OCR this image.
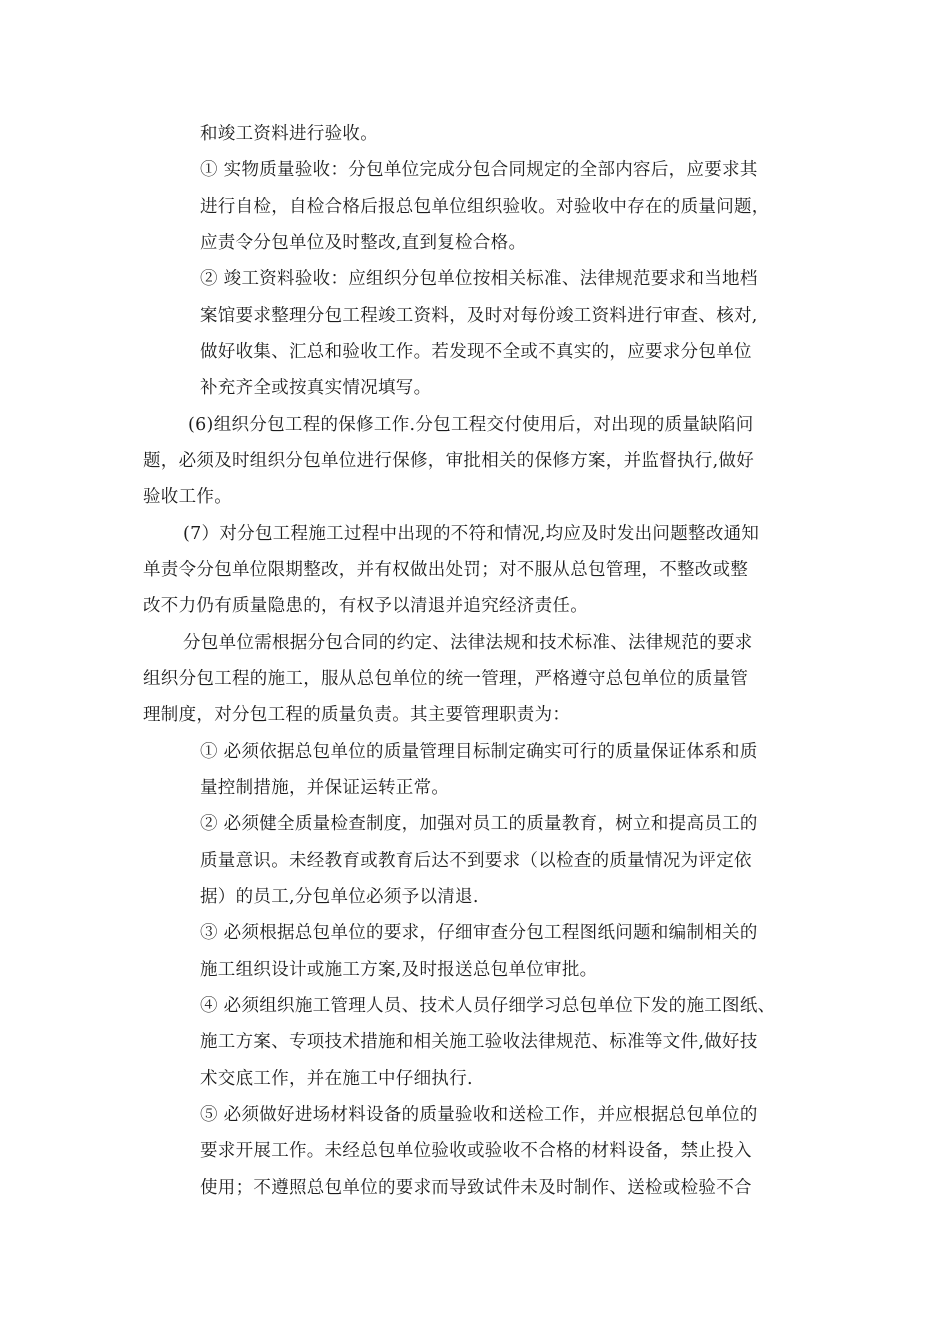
和竣工资料进行验收。
① 实物质量验收：分包单位完成分包合同规定的全部内容后，应要求其
进行自检，自检合格后报总包单位组织验收。对验收中存在的质量问题，
应责令分包单位及时整改,直到复检合格。
② 竣工资料验收：应组织分包单位按相关标准、法律规范要求和当地档
案馆要求整理分包工程竣工资料，及时对每份竣工资料进行审查、核对,
做好收集、汇总和验收工作。若发现不全或不真实的，应要求分包单位
补充齐全或按真实情况填写。
(6)组织分包工程的保修工作.分包工程交付使用后，对出现的质量缺陷问
题，必须及时组织分包单位进行保修，审批相关的保修方案，并监督执行,做好
验收工作。
(7）对分包工程施工过程中出现的不符和情况,均应及时发出问题整改通知
单责令分包单位限期整改，并有权做出处罚；对不服从总包管理，不整改或整
改不力仍有质量隐患的，有权予以清退并追究经济责任。
分包单位需根据分包合同的约定、法律法规和技术标准、法律规范的要求
组织分包工程的施工，服从总包单位的统一管理，严格遵守总包单位的质量管
理制度，对分包工程的质量负责。其主要管理职责为：
① 必须依据总包单位的质量管理目标制定确实可行的质量保证体系和质
量控制措施，并保证运转正常。
② 必须健全质量检查制度，加强对员工的质量教育，树立和提高员工的
质量意识。未经教育或教育后达不到要求（以检查的质量情况为评定依
据）的员工,分包单位必须予以清退.
③ 必须根据总包单位的要求，仔细审查分包工程图纸问题和编制相关的
施工组织设计或施工方案,及时报送总包单位审批。
④ 必须组织施工管理人员、技术人员仔细学习总包单位下发的施工图纸、
施工方案、专项技术措施和相关施工验收法律规范、标准等文件,做好技
术交底工作，并在施工中仔细执行.
⑤ 必须做好进场材料设备的质量验收和送检工作，并应根据总包单位的
要求开展工作。未经总包单位验收或验收不合格的材料设备，禁止投入
使用；不遵照总包单位的要求而导致试件未及时制作、送检或检验不合
